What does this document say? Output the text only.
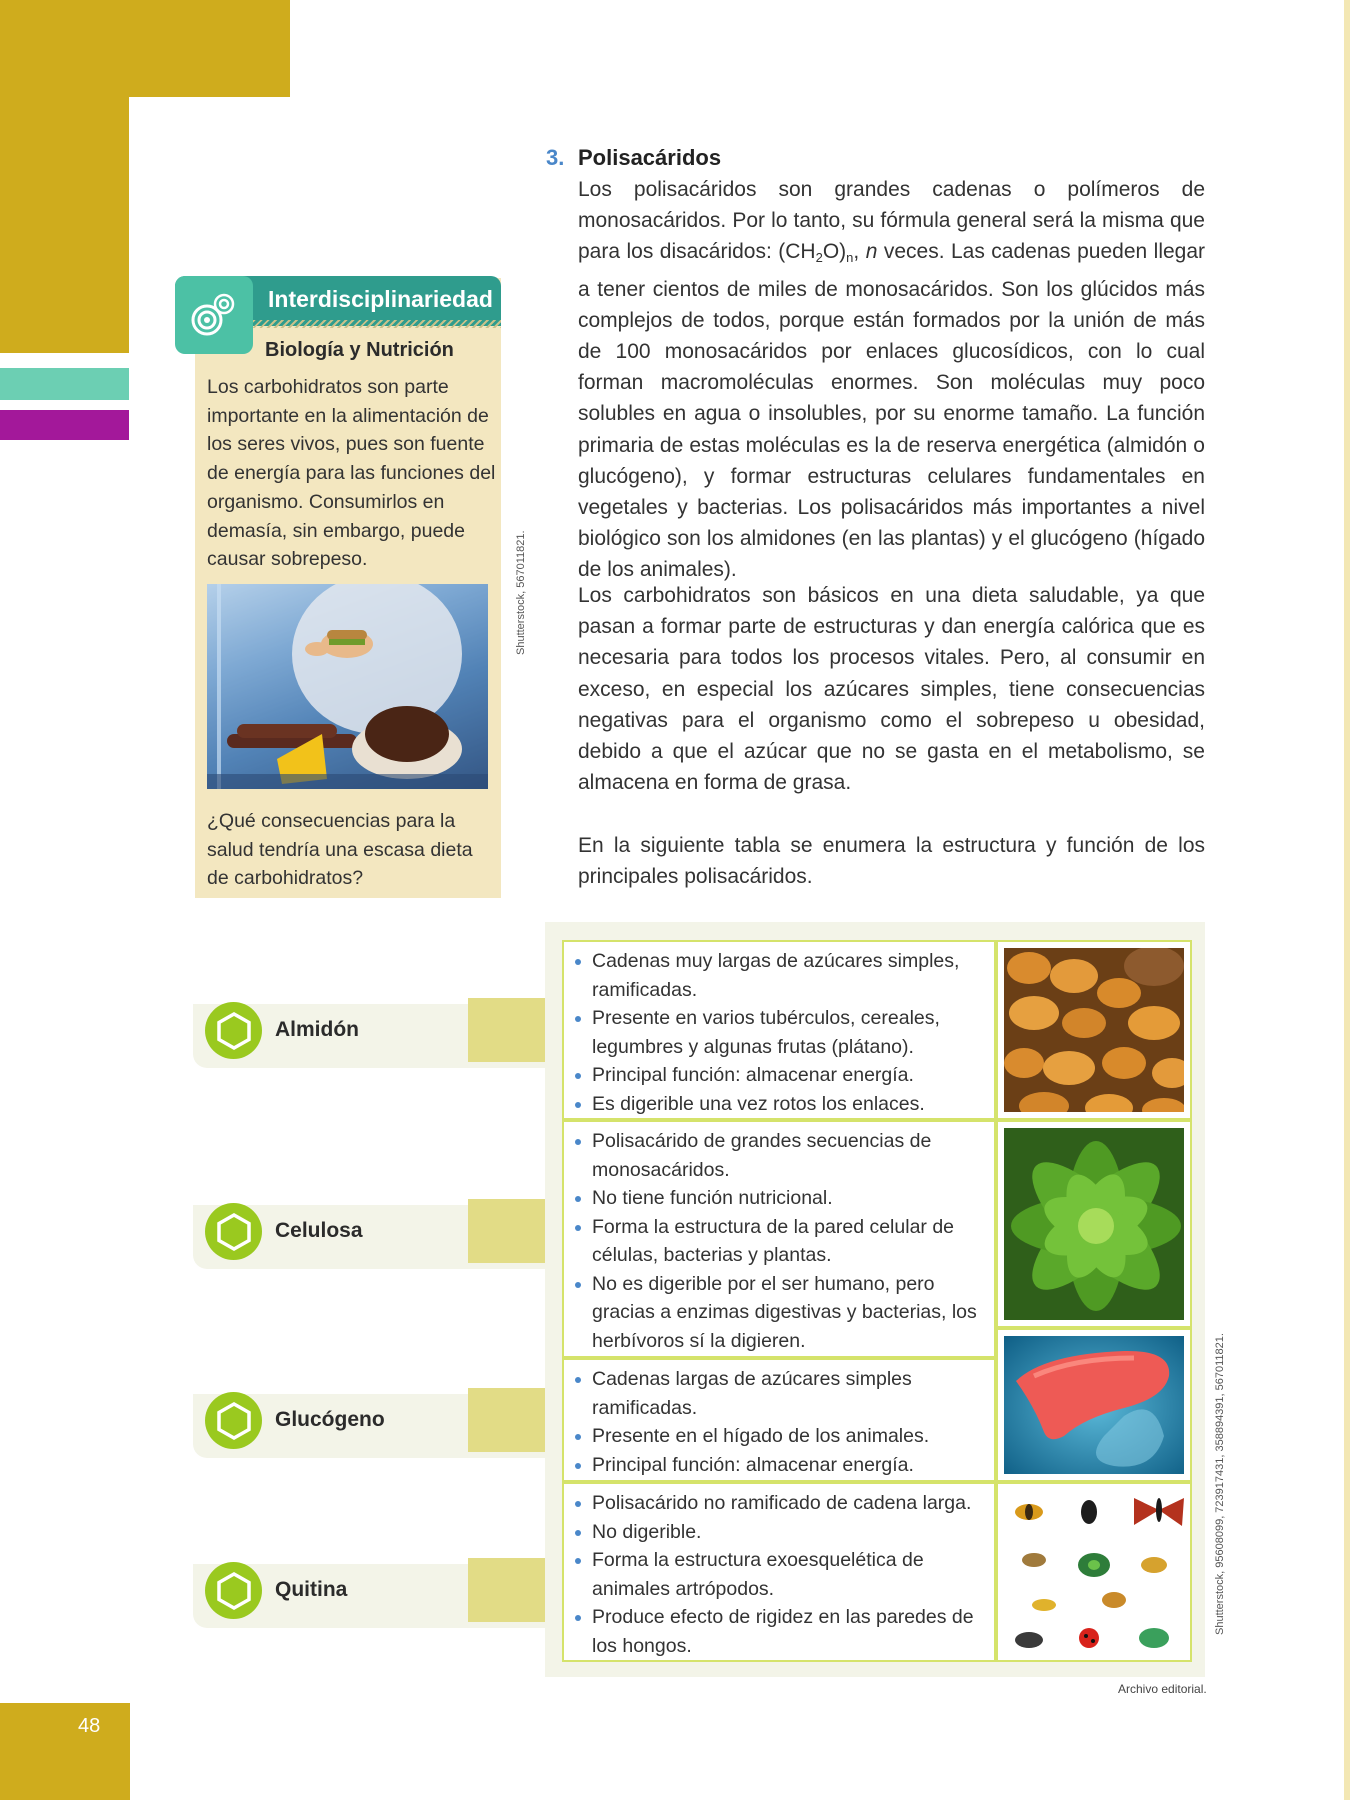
48
Interdisciplinariedad
Biología y Nutrición
Los carbohidratos son parte importante en la alimentación de los seres vivos, pues son fuente de energía para las funciones del organismo. Consumirlos en demasía, sin embargo, puede causar sobrepeso.
¿Qué consecuencias para la salud tendría una escasa dieta de carbohidratos?
Shutterstock, 567011821.
3. Polisacáridos

Los polisacáridos son grandes cadenas o polímeros de monosacáridos. Por lo tanto, su fórmula general será la misma que para los disacáridos: $(CH_2O)_n$, n veces. Las cadenas pueden llegar a tener cientos de miles de monosacáridos. Son los glúcidos más complejos de todos, porque están formados por la unión de más de 100 monosacáridos por enlaces glucosídicos, con lo cual forman macromoléculas enormes. Son moléculas muy poco solubles en agua o insolubles, por su enorme tamaño. La función primaria de estas moléculas es la de reserva energética (almidón o glucógeno), y formar estructuras celulares fundamentales en vegetales y bacterias. Los polisacáridos más importantes a nivel biológico son los almidones (en las plantas) y el glucógeno (hígado de los animales).

Los carbohidratos son básicos en una dieta saludable, ya que pasan a formar parte de estructuras y dan energía calórica que es necesaria para todos los procesos vitales. Pero, al consumir en exceso, en especial los azúcares simples, tiene consecuencias negativas para el organismo como el sobrepeso u obesidad, debido a que el azúcar que no se gasta en el metabolismo, se almacena en forma de grasa.

En la siguiente tabla se enumera la estructura y función de los principales polisacáridos.

Cadenas muy largas de azúcares simples, ramificadas.
Presente en varios tubérculos, cereales, legumbres y algunas frutas (plátano).
Principal función: almacenar energía.
Es digerible una vez rotos los enlaces.
Polisacárido de grandes secuencias de monosacáridos.
No tiene función nutricional.
Forma la estructura de la pared celular de células, bacterias y plantas.
No es digerible por el ser humano, pero gracias a enzimas digestivas y bacterias, los herbívoros sí la digieren.
Cadenas largas de azúcares simples ramificadas.
Presente en el hígado de los animales.
Principal función: almacenar energía.
Polisacárido no ramificado de cadena larga.
No digerible.
Forma la estructura exoesquelética de animales artrópodos.
Produce efecto de rigidez en las paredes de los hongos.
Almidón
Celulosa
Glucógeno
Quitina	Shutterstock, 95608099, 723917431, 358894391, 567011821.
Archivo editorial.
